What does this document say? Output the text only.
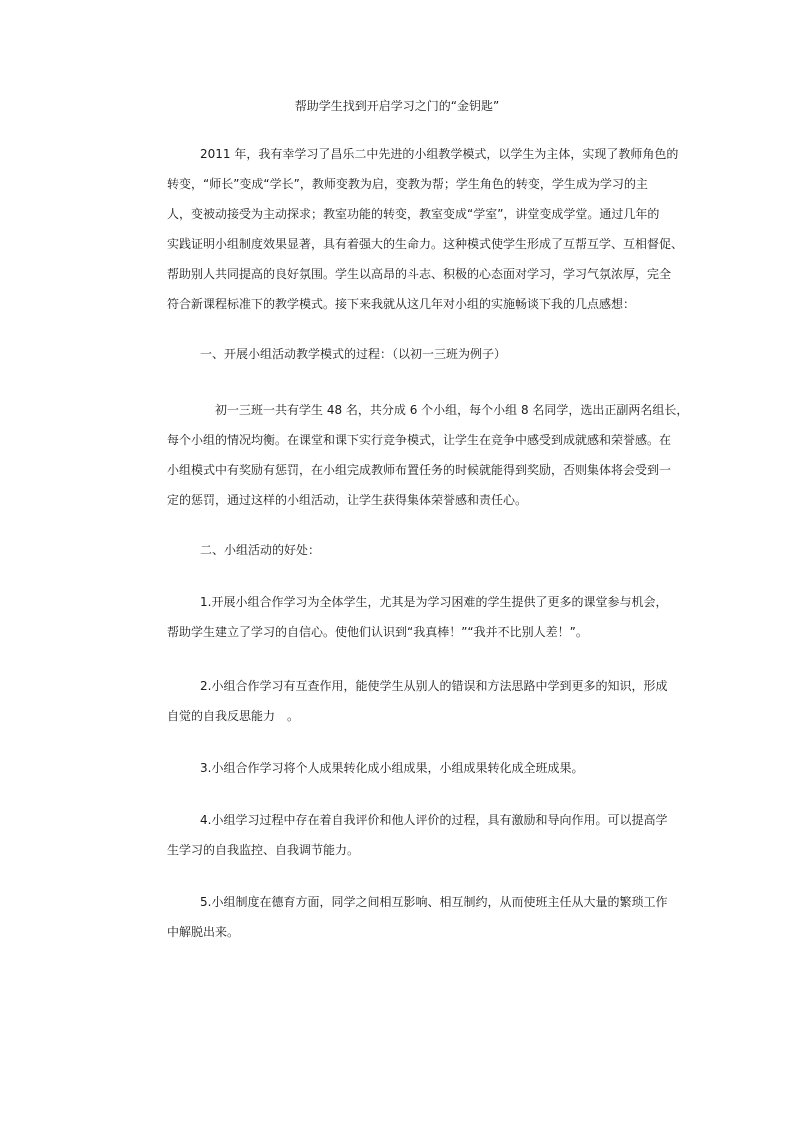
帮助学生找到开启学习之门的“金钥匙”
2011 年，我有幸学习了昌乐二中先进的小组教学模式，以学生为主体，实现了教师角色的
转变，“师长”变成“学长”，教师变教为启，变教为帮；学生角色的转变，学生成为学习的主
人，变被动接受为主动探求；教室功能的转变，教室变成“学室”，讲堂变成学堂。通过几年的
实践证明小组制度效果显著，具有着强大的生命力。这种模式使学生形成了互帮互学、互相督促、
帮助别人共同提高的良好氛围。学生以高昂的斗志、积极的心态面对学习，学习气氛浓厚，完全
符合新课程标准下的教学模式。接下来我就从这几年对小组的实施畅谈下我的几点感想：
一、开展小组活动教学模式的过程：（以初一三班为例子）
初一三班一共有学生 48 名，共分成 6 个小组，每个小组 8 名同学，选出正副两名组长，
每个小组的情况均衡。在课堂和课下实行竞争模式，让学生在竞争中感受到成就感和荣誉感。在
小组模式中有奖励有惩罚，在小组完成教师布置任务的时候就能得到奖励，否则集体将会受到一
定的惩罚，通过这样的小组活动，让学生获得集体荣誉感和责任心。
二、小组活动的好处：
1.开展小组合作学习为全体学生，尤其是为学习困难的学生提供了更多的课堂参与机会，
帮助学生建立了学习的自信心。使他们认识到“我真棒！”“我并不比别人差！”。
2.小组合作学习有互查作用，能使学生从别人的错误和方法思路中学到更多的知识，形成
自觉的自我反思能力　。
3.小组合作学习将个人成果转化成小组成果，小组成果转化成全班成果。
4.小组学习过程中存在着自我评价和他人评价的过程，具有激励和导向作用。可以提高学
生学习的自我监控、自我调节能力。
5.小组制度在德育方面，同学之间相互影响、相互制约，从而使班主任从大量的繁琐工作
中解脱出来。
